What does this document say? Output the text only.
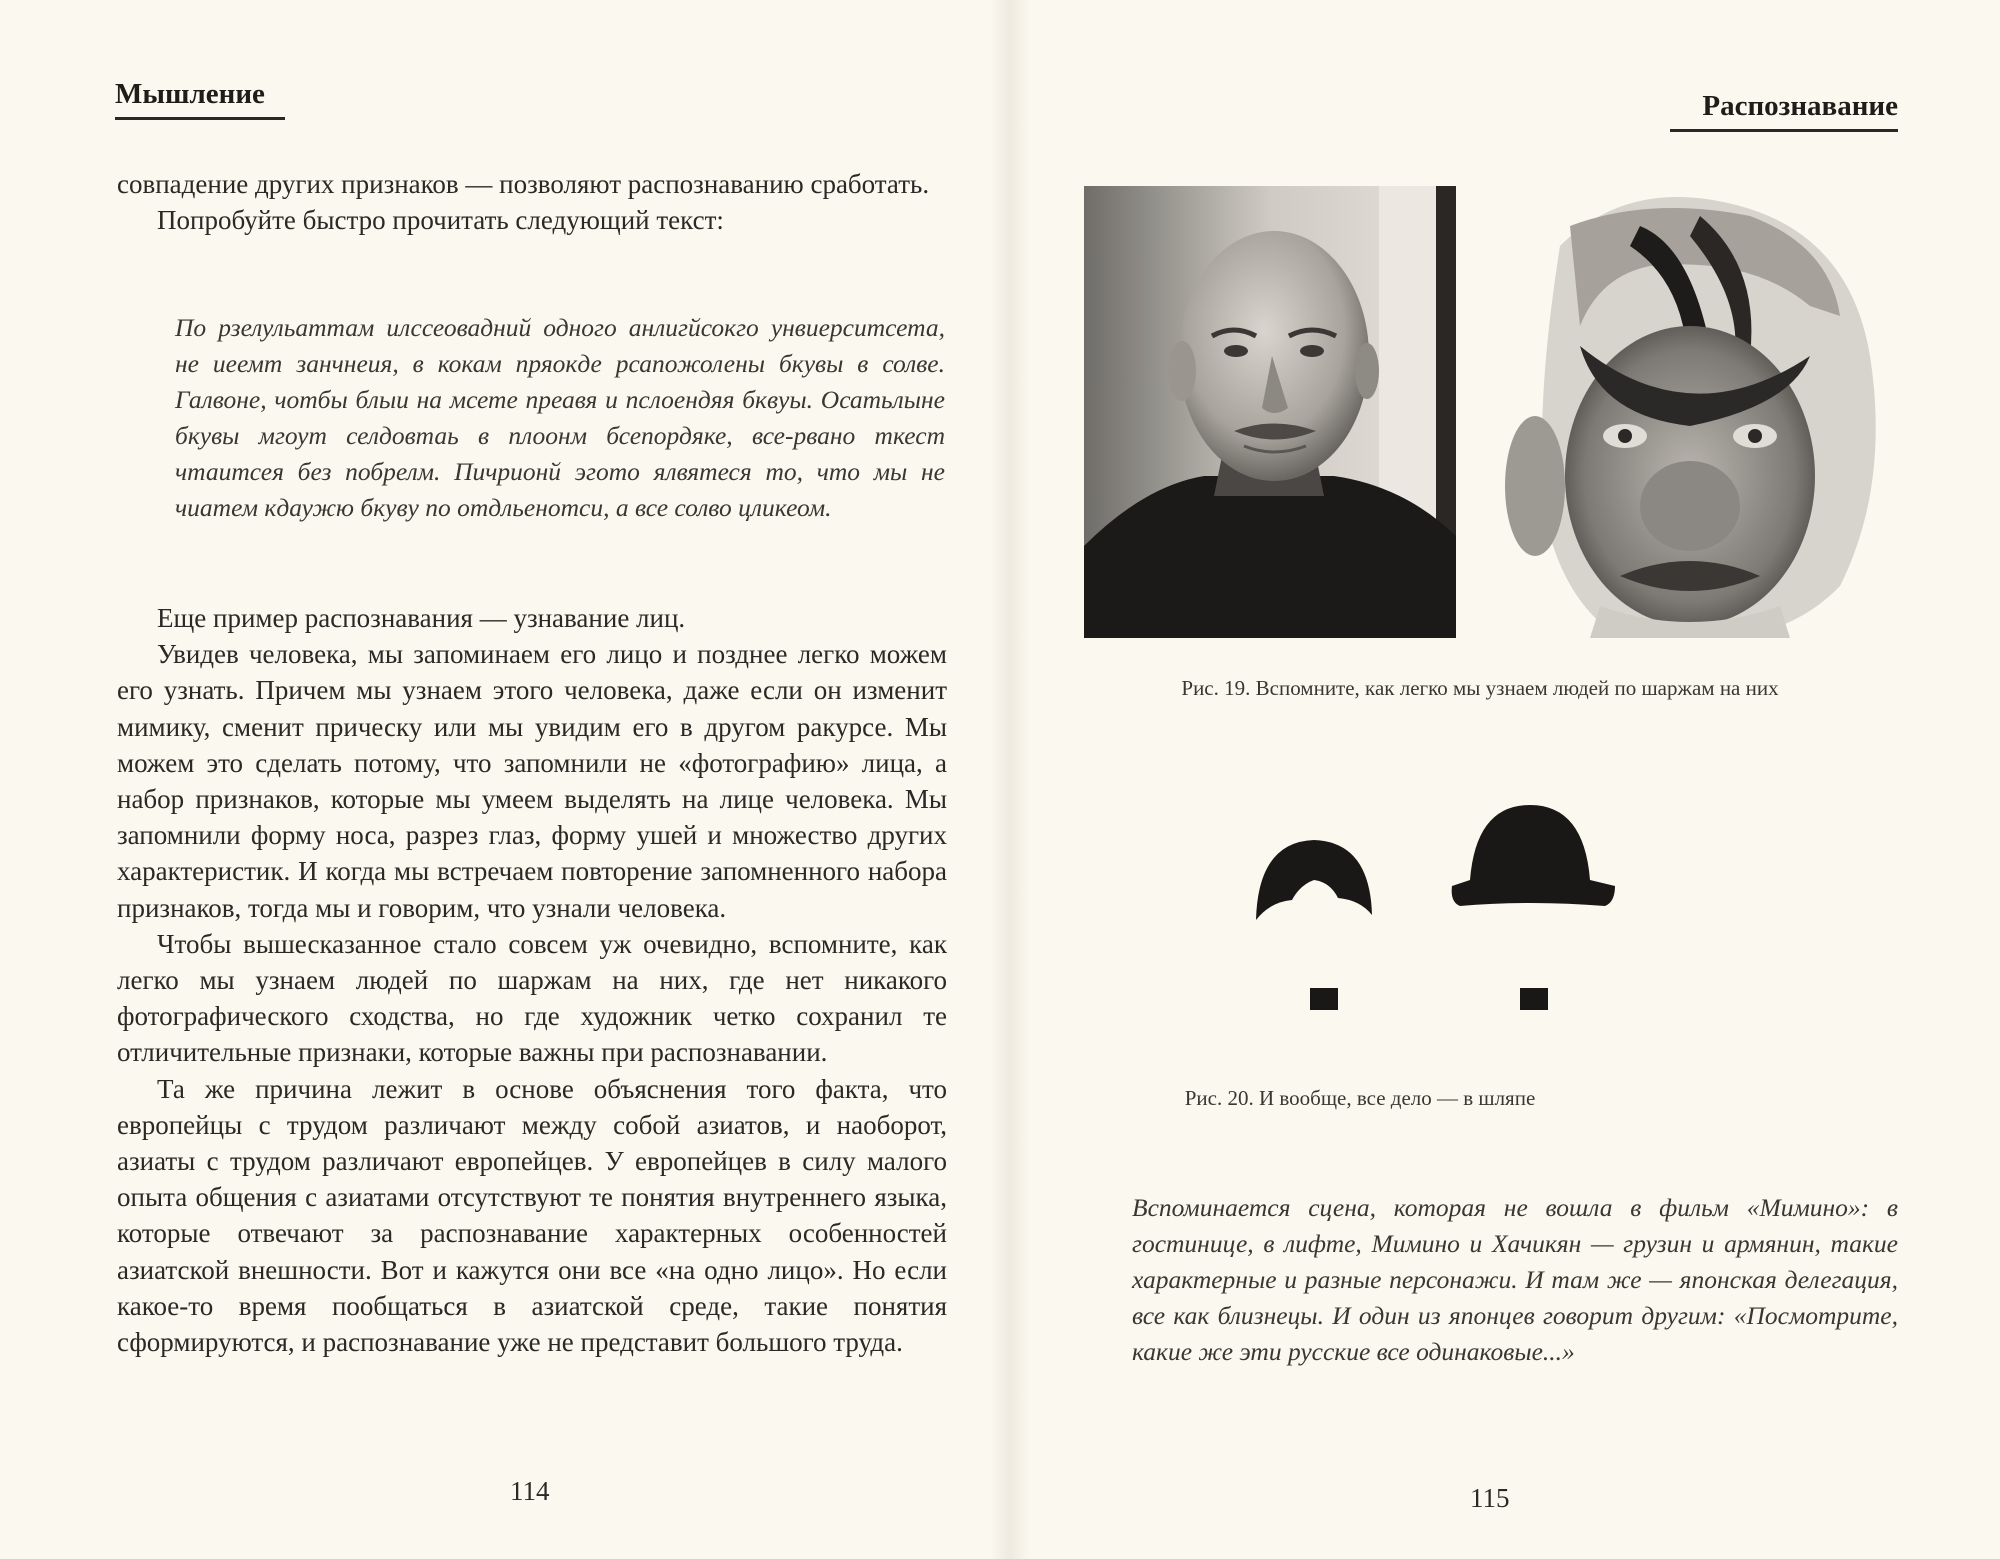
Мышление

совпадение других признаков — позволяют распознаванию сработать.

Попробуйте быстро прочитать следующий текст:

По рзелульаттам илссеовадний одного анлигйсокго унвиерситсета, не иеемт занчнеия, в кокам пряокде рсапожолены бкувы в солве. Галвоне, чотбы блыи на мсете преавя и пслоендяя бквуы. Осатьлыне бкувы мгоут селдовтаь в плоонм бсепордяке, все-рвано ткест чтаитсея без побрелм. Пичрионй эгото ялвятеся то, что мы не чиатем кдаужю бкуву по отдльенотси, а все солво цликеом.

Еще пример распознавания — узнавание лиц.

Увидев человека, мы запоминаем его лицо и позднее легко можем его узнать. Причем мы узнаем этого человека, даже если он изменит мимику, сменит прическу или мы увидим его в другом ракурсе. Мы можем это сделать потому, что запомнили не «фотографию» лица, а набор признаков, которые мы умеем выделять на лице человека. Мы запомнили форму носа, разрез глаз, форму ушей и множество других характеристик. И когда мы встречаем повторение запомненного набора признаков, тогда мы и говорим, что узнали человека.

Чтобы вышесказанное стало совсем уж очевидно, вспомните, как легко мы узнаем людей по шаржам на них, где нет никакого фотографического сходства, но где художник четко сохранил те отличительные признаки, которые важны при распознавании.

Та же причина лежит в основе объяснения того факта, что европейцы с трудом различают между собой азиатов, и наоборот, азиаты с трудом различают европейцев. У европейцев в силу малого опыта общения с азиатами отсутствуют те понятия внутреннего языка, которые отвечают за распознавание характерных особенностей азиатской внешности. Вот и кажутся они все «на одно лицо». Но если какое-то время пообщаться в азиатской среде, такие понятия сформируются, и распознавание уже не представит большого труда.

114
Распознавание
Рис. 19. Вспомните, как легко мы узнаем людей по шаржам на них
Рис. 20. И вообще, все дело — в шляпе
Вспоминается сцена, которая не вошла в фильм «Мимино»: в гостинице, в лифте, Мимино и Хачикян — грузин и армянин, такие характерные и разные персонажи. И там же — японская делегация, все как близнецы. И один из японцев говорит другим: «Посмотрите, какие же эти русские все одинаковые...»
115
